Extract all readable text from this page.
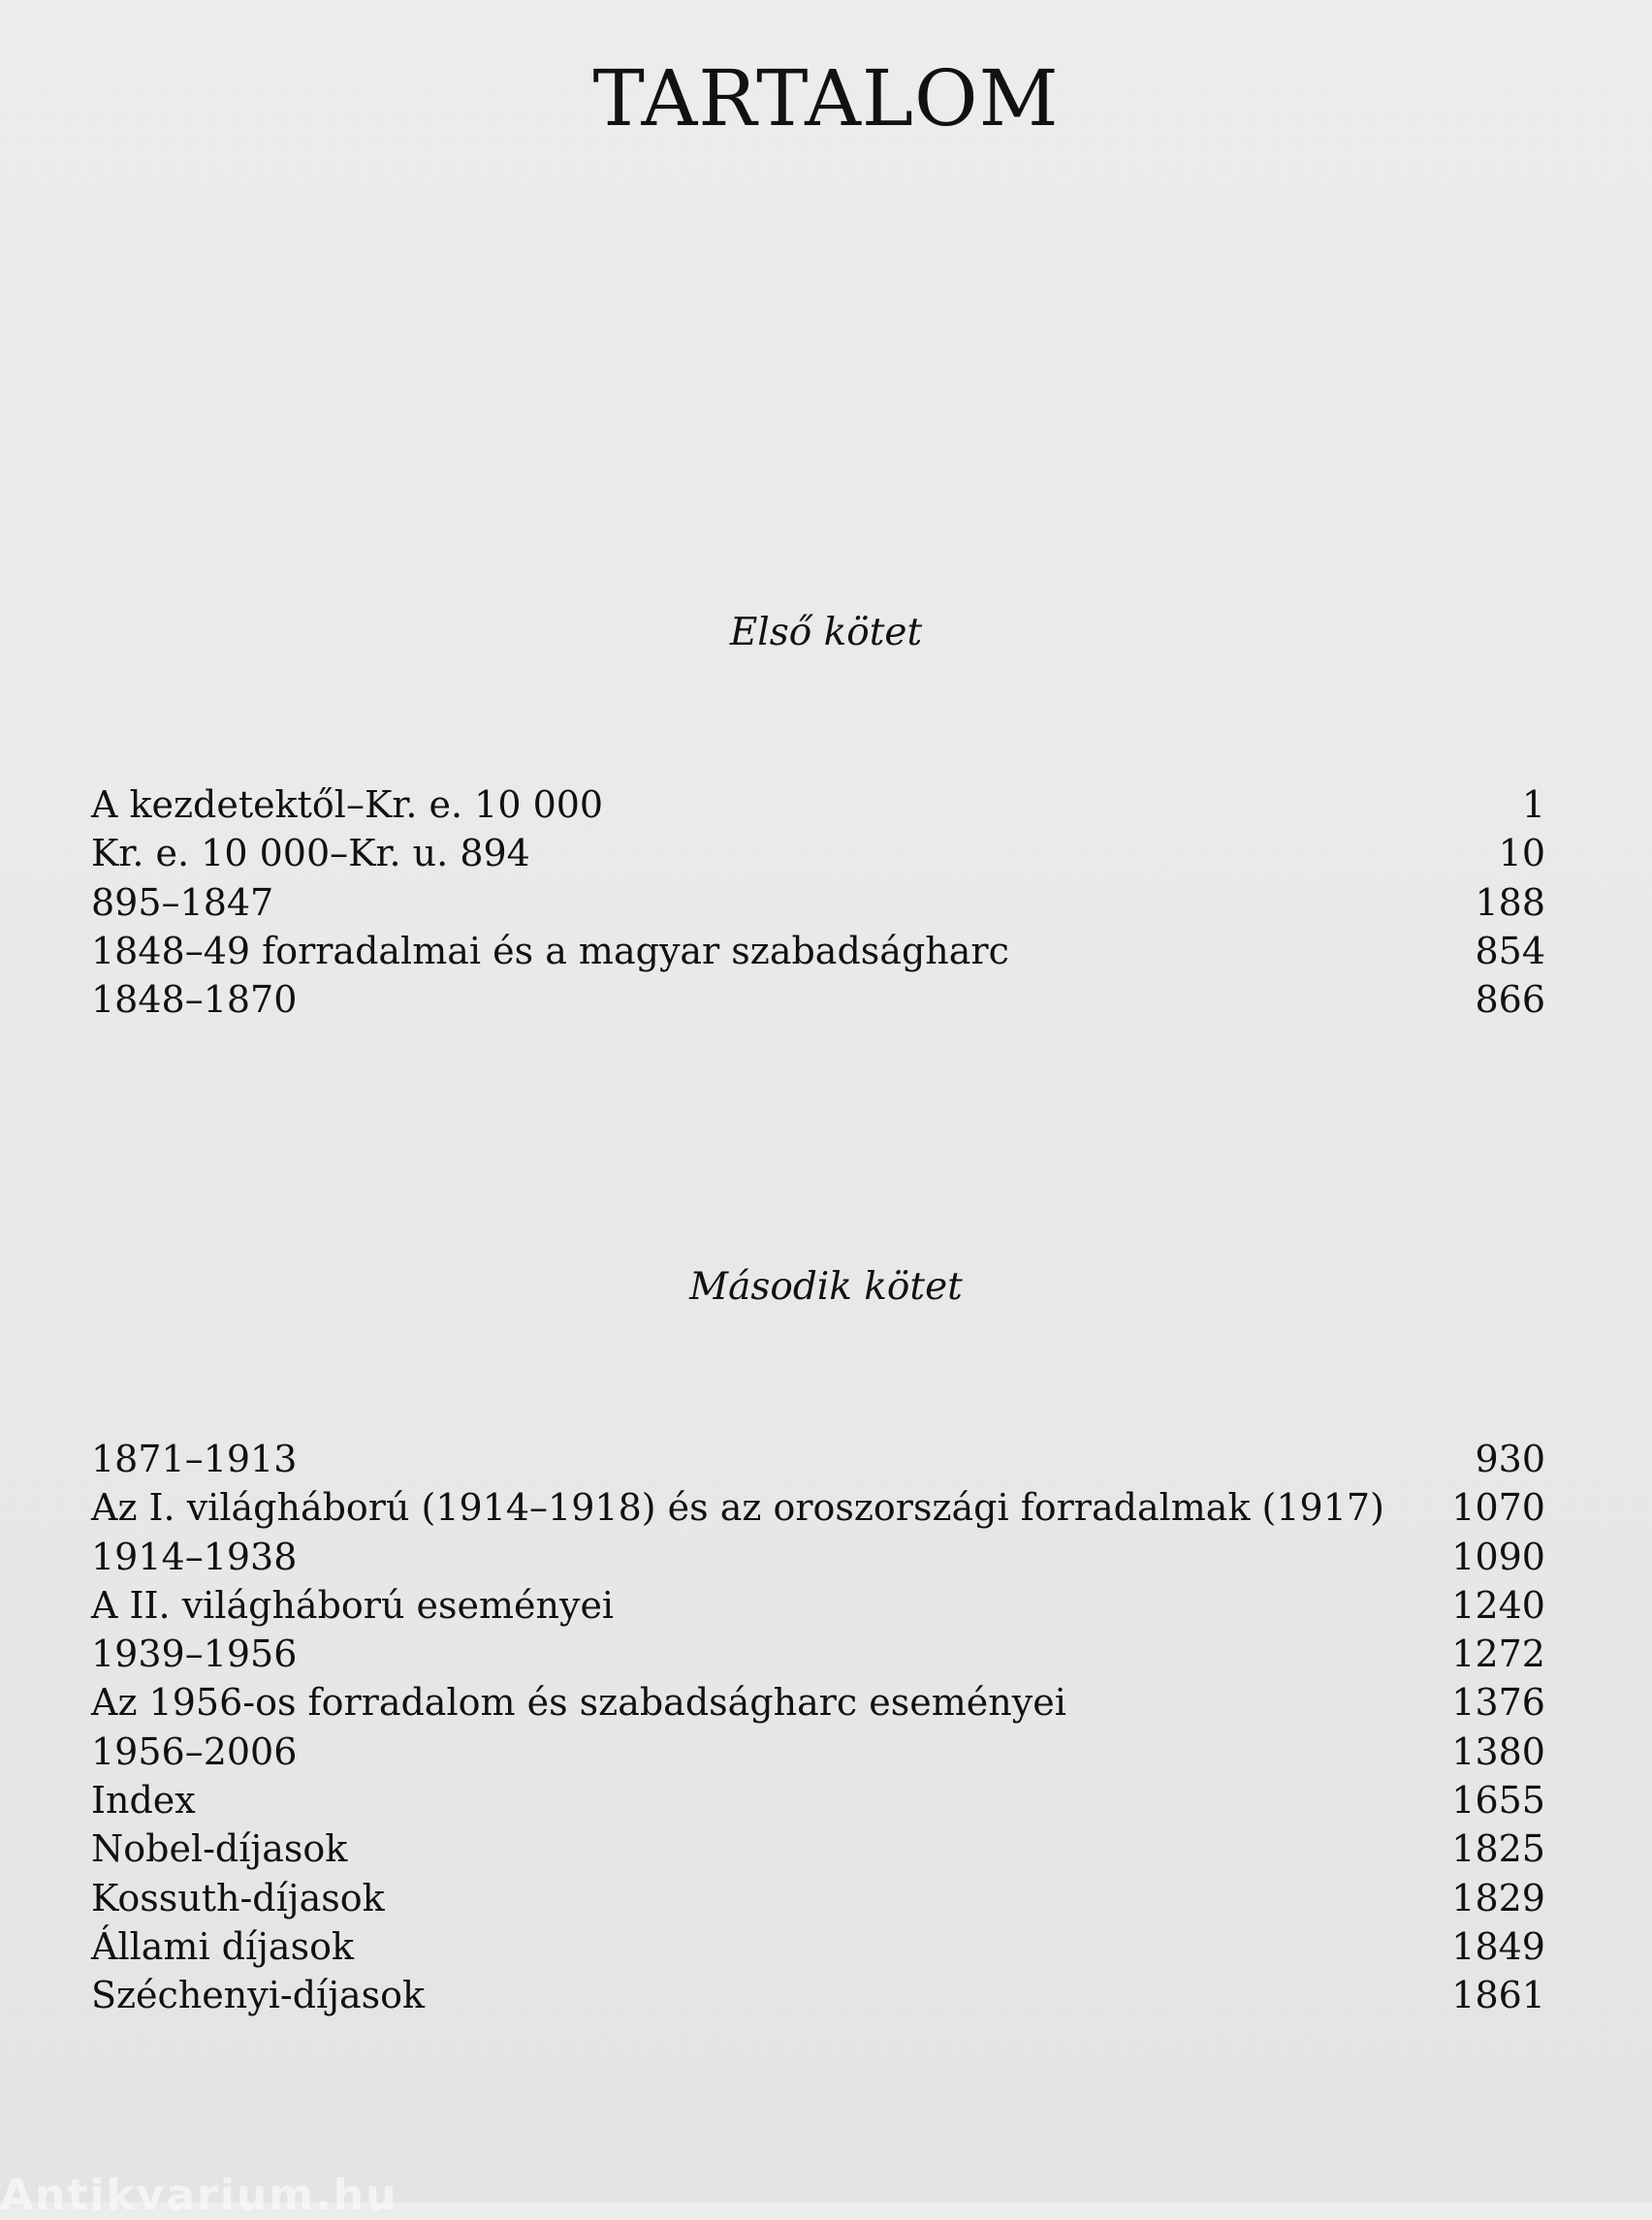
TARTALOM
Első kötet
A kezdetektől–Kr. e. 10 000	1
Kr. e. 10 000–Kr. u. 894	10
895–1847	188
1848–49 forradalmai és a magyar szabadságharc	854
1848–1870	866
Második kötet
1871–1913	930
Az I. világháború (1914–1918) és az oroszországi forradalmak (1917)	1070
1914–1938	1090
A II. világháború eseményei	1240
1939–1956	1272
Az 1956-os forradalom és szabadságharc eseményei	1376
1956–2006	1380
Index	1655
Nobel-díjasok	1825
Kossuth-díjasok	1829
Állami díjasok	1849
Széchenyi-díjasok	1861
Antikvarium.hu
